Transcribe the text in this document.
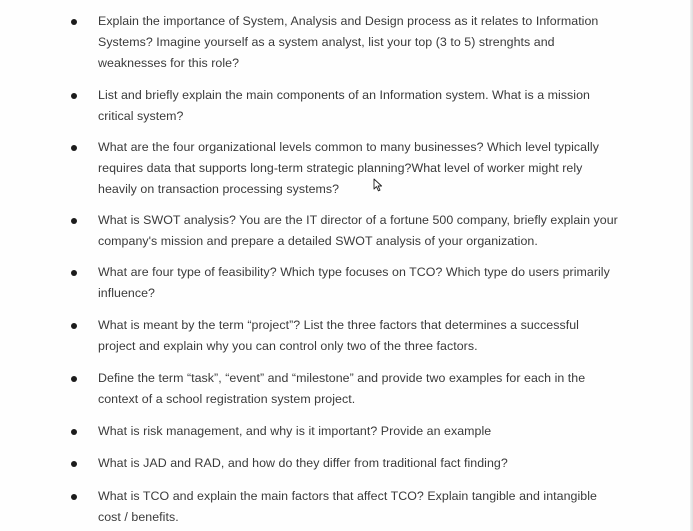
Explain the importance of System, Analysis and Design process as it relates to Information Systems? Imagine yourself as a system analyst, list your top (3 to 5) strenghts and weaknesses for this role?
List and briefly explain the main components of an Information system. What is a mission critical system?
What are the four organizational levels common to many businesses? Which level typically requires data that supports long-term strategic planning?What level of worker might rely heavily on transaction processing systems?
What is SWOT analysis? You are the IT director of a fortune 500 company, briefly explain your company's mission and prepare a detailed SWOT analysis of your organization.
What are four type of feasibility? Which type focuses on TCO? Which type do users primarily influence?
What is meant by the term “project”? List the three factors that determines a successful project and explain why you can control only two of the three factors.
Define the term “task”, “event” and “milestone” and provide two examples for each in the context of a school registration system project.
What is risk management, and why is it important? Provide an example
What is JAD and RAD, and how do they differ from traditional fact finding?
What is TCO and explain the main factors that affect TCO? Explain tangible and intangible cost / benefits.
